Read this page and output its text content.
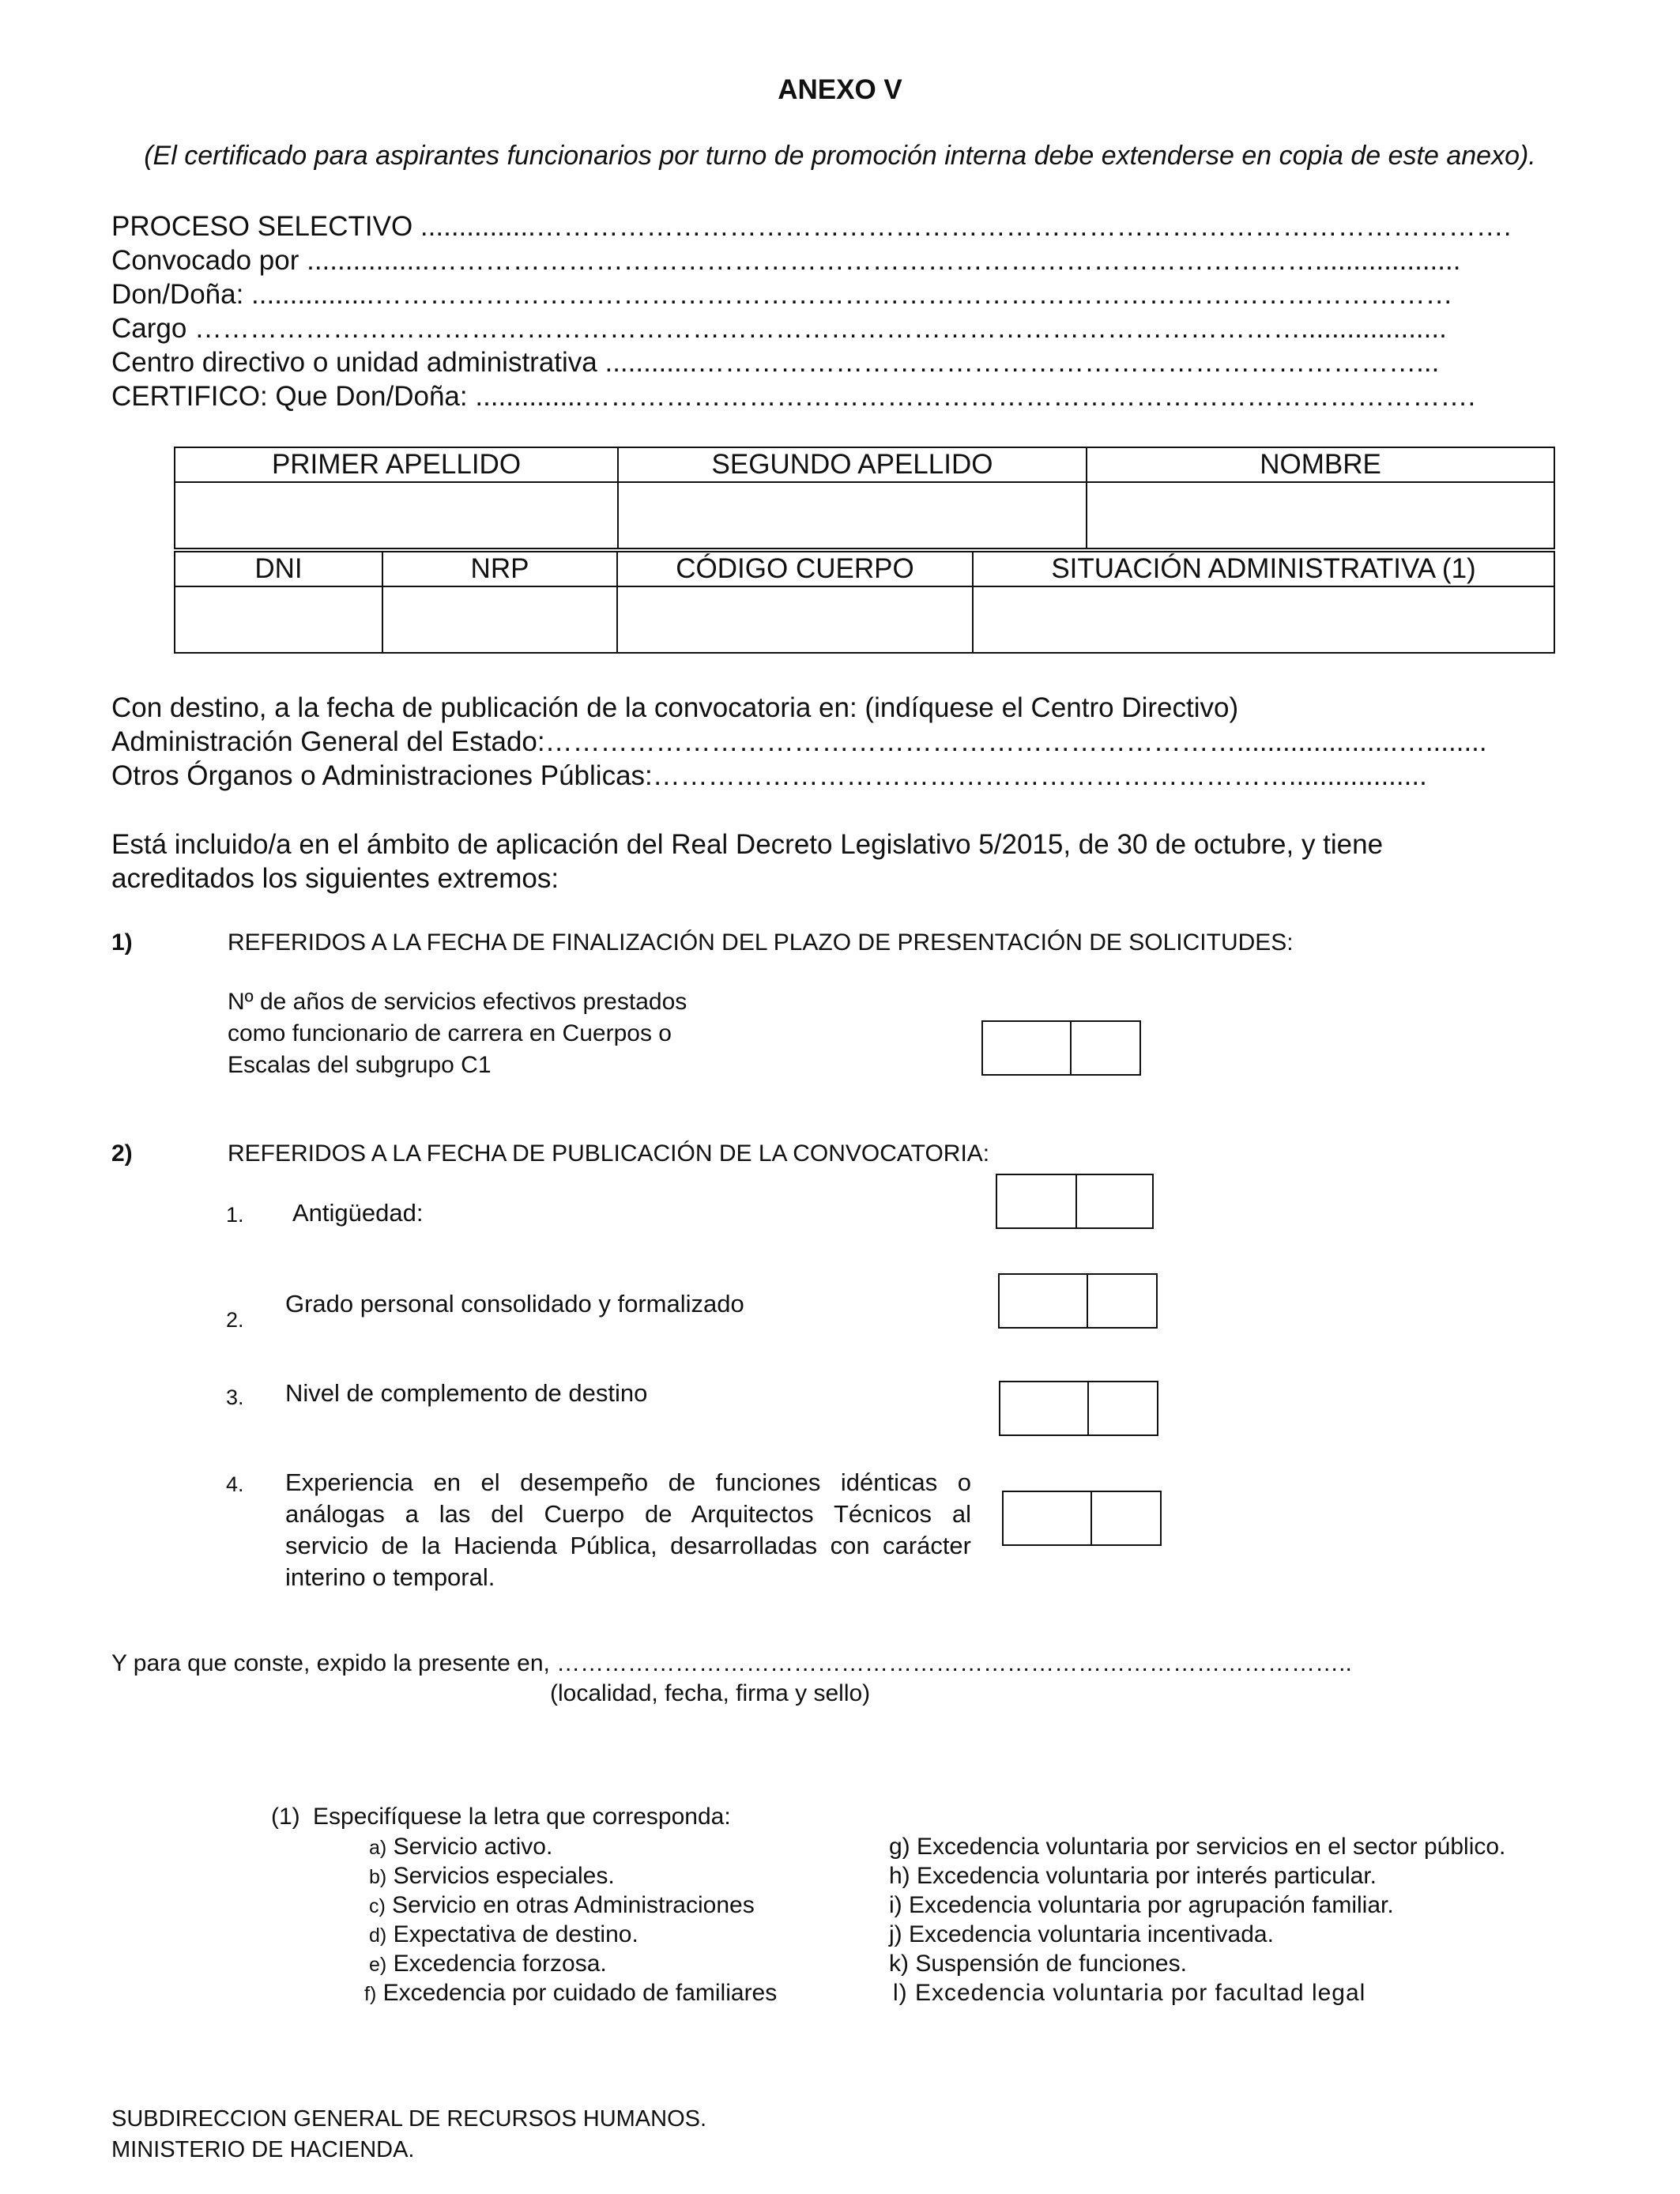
ANEXO V
(El certificado para aspirantes funcionarios por turno de promoción interna debe extenderse en copia de este anexo).
PROCESO SELECTIVO ...............…………………………………………………………………………………………….
Convocado por ................……………………………………………………………………………………...................
Don/Doña: ................………………………………………………………………………………………………………
Cargo …………………………………………………………………………………………………………...................
Centro directivo o unidad administrativa ............……………………………………………………………………...
CERTIFICO: Que Don/Doña: ..............…………………………………………………………………………………….
PRIMER APELLIDO	SEGUNDO APELLIDO	NOMBRE

DNI	NRP	CÓDIGO CUERPO	SITUACIÓN ADMINISTRATIVA (1)

Con destino, a la fecha de publicación de la convocatoria en: (indíquese el Centro Directivo)
Administración General del Estado:………………………………………………………………….....................…........
Otros Órganos o Administraciones Públicas:……………………………………………………………..................
Está incluido/a en el ámbito de aplicación del Real Decreto Legislativo 5/2015, de 30 de octubre, y tiene
acreditados los siguientes extremos:
1)	REFERIDOS A LA FECHA DE FINALIZACIÓN DEL PLAZO DE PRESENTACIÓN DE SOLICITUDES:
Nº de años de servicios efectivos prestados
como funcionario de carrera en Cuerpos o
Escalas del subgrupo C1
2)	REFERIDOS A LA FECHA DE PUBLICACIÓN DE LA CONVOCATORIA:
1. Antigüedad:
2.
Grado personal consolidado y formalizado
3. Nivel de complemento de destino
4. Experiencia en el desempeño de funciones idénticas o
análogas a las del Cuerpo de Arquitectos Técnicos al
servicio de la Hacienda Pública, desarrolladas con carácter
interino o temporal.
Y para que conste, expido la presente en, ………………………………………………………………………………………..
(localidad, fecha, firma y sello)
(1) Especifíquese la letra que corresponda:
a) Servicio activo.
b) Servicios especiales.
c) Servicio en otras Administraciones
d) Expectativa de destino.
e) Excedencia forzosa.
f) Excedencia por cuidado de familiares
g) Excedencia voluntaria por servicios en el sector público.
h) Excedencia voluntaria por interés particular.
i) Excedencia voluntaria por agrupación familiar.
j) Excedencia voluntaria incentivada.
k) Suspensión de funciones.
l) Excedencia voluntaria por facultad legal
SUBDIRECCION GENERAL DE RECURSOS HUMANOS.
MINISTERIO DE HACIENDA.
